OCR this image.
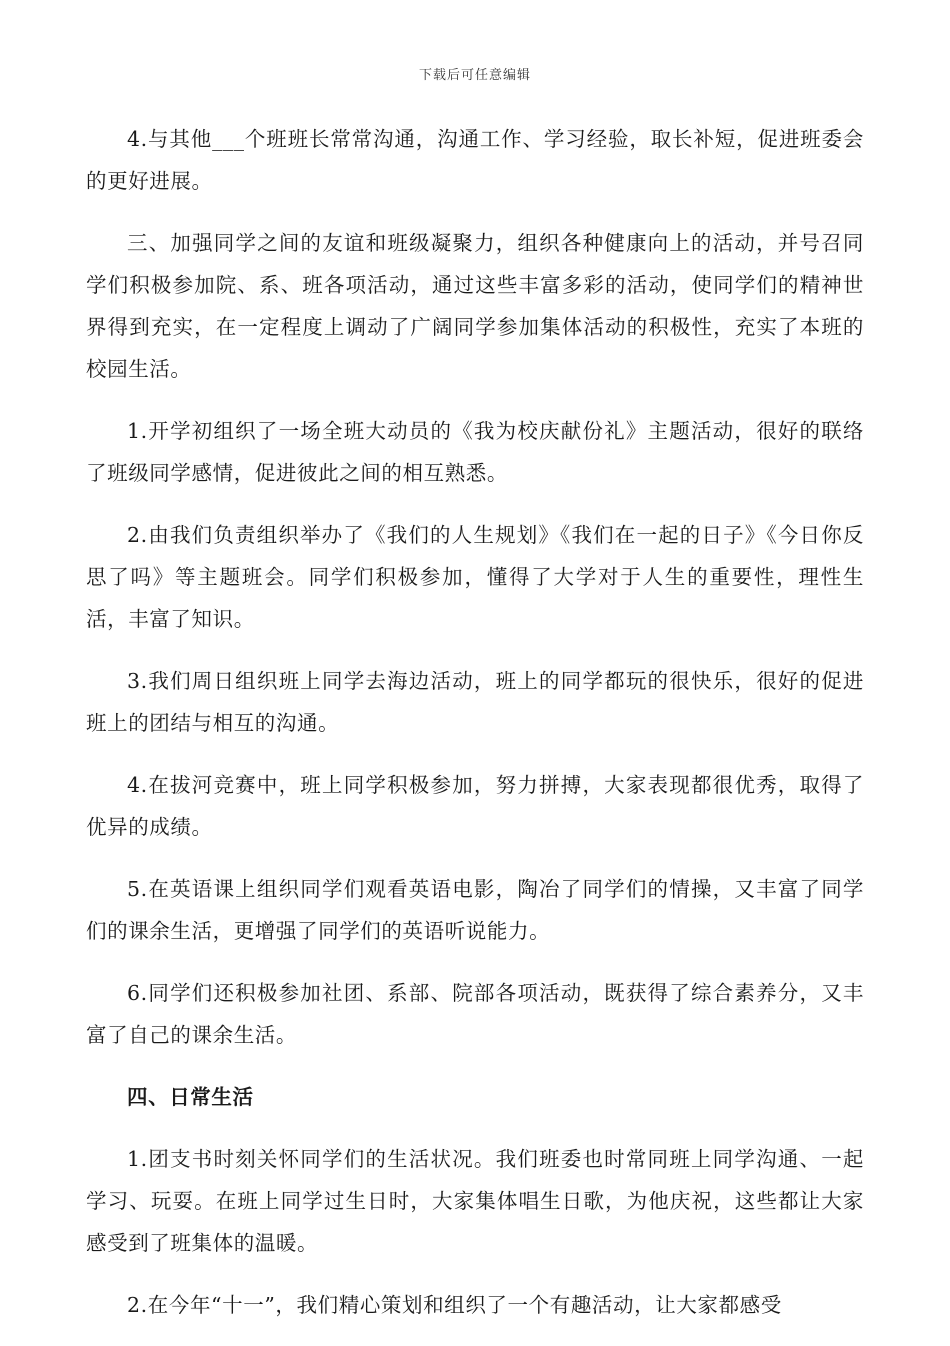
下载后可任意编辑

4.与其他___个班班长常常沟通，沟通工作、学习经验，取长补短，促进班委会的更好进展。

三、加强同学之间的友谊和班级凝聚力，组织各种健康向上的活动，并号召同学们积极参加院、系、班各项活动，通过这些丰富多彩的活动，使同学们的精神世界得到充实，在一定程度上调动了广阔同学参加集体活动的积极性，充实了本班的校园生活。

1.开学初组织了一场全班大动员的《我为校庆献份礼》主题活动，很好的联络了班级同学感情，促进彼此之间的相互熟悉。

2.由我们负责组织举办了《我们的人生规划》《我们在一起的日子》《今日你反思了吗》等主题班会。同学们积极参加，懂得了大学对于人生的重要性，理性生活，丰富了知识。

3.我们周日组织班上同学去海边活动，班上的同学都玩的很快乐，很好的促进班上的团结与相互的沟通。

4.在拔河竞赛中，班上同学积极参加，努力拼搏，大家表现都很优秀，取得了优异的成绩。

5.在英语课上组织同学们观看英语电影，陶冶了同学们的情操，又丰富了同学们的课余生活，更增强了同学们的英语听说能力。

6.同学们还积极参加社团、系部、院部各项活动，既获得了综合素养分，又丰富了自己的课余生活。

四、日常生活

1.团支书时刻关怀同学们的生活状况。我们班委也时常同班上同学沟通、一起学习、玩耍。在班上同学过生日时，大家集体唱生日歌，为他庆祝，这些都让大家感受到了班集体的温暖。

2.在今年“十一”，我们精心策划和组织了一个有趣活动，让大家都感受
